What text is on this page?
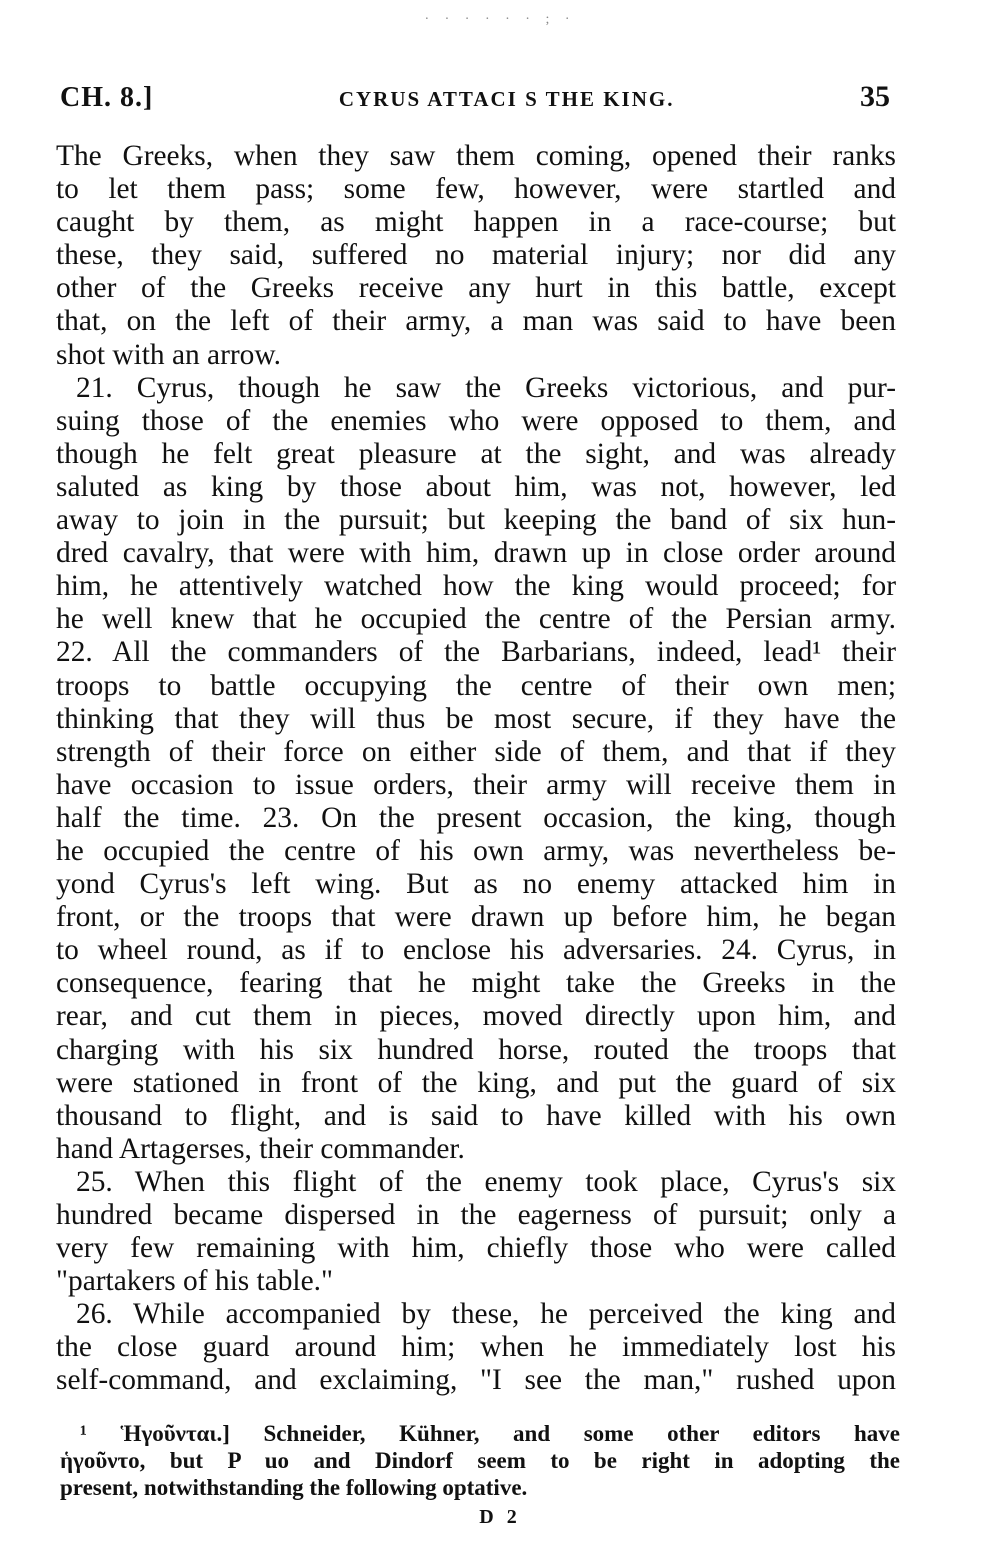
· · · · · · ; ·
CH. 8.]	CYRUS ATTACI S THE KING.	35
The Greeks, when they saw them coming, opened their ranks
to let them pass; some few, however, were startled and
caught by them, as might happen in a race-course; but
these, they said, suffered no material injury; nor did any
other of the Greeks receive any hurt in this battle, except
that, on the left of their army, a man was said to have been
shot with an arrow.
21. Cyrus, though he saw the Greeks victorious, and pur-
suing those of the enemies who were opposed to them, and
though he felt great pleasure at the sight, and was already
saluted as king by those about him, was not, however, led
away to join in the pursuit; but keeping the band of six hun-
dred cavalry, that were with him, drawn up in close order around
him, he attentively watched how the king would proceed; for
he well knew that he occupied the centre of the Persian army.
22. All the commanders of the Barbarians, indeed, lead¹ their
troops to battle occupying the centre of their own men;
thinking that they will thus be most secure, if they have the
strength of their force on either side of them, and that if they
have occasion to issue orders, their army will receive them in
half the time. 23. On the present occasion, the king, though
he occupied the centre of his own army, was nevertheless be-
yond Cyrus's left wing. But as no enemy attacked him in
front, or the troops that were drawn up before him, he began
to wheel round, as if to enclose his adversaries. 24. Cyrus, in
consequence, fearing that he might take the Greeks in the
rear, and cut them in pieces, moved directly upon him, and
charging with his six hundred horse, routed the troops that
were stationed in front of the king, and put the guard of six
thousand to flight, and is said to have killed with his own
hand Artagerses, their commander.
25. When this flight of the enemy took place, Cyrus's six
hundred became dispersed in the eagerness of pursuit; only a
very few remaining with him, chiefly those who were called
"partakers of his table."
26. While accompanied by these, he perceived the king and
the close guard around him; when he immediately lost his
self-command, and exclaiming, "I see the man," rushed upon
¹ Ἡγοῦνται.] Schneider, Kühner, and some other editors have
ἡγοῦντο, but P uo and Dindorf seem to be right in adopting the
present, notwithstanding the following optative.
D 2
